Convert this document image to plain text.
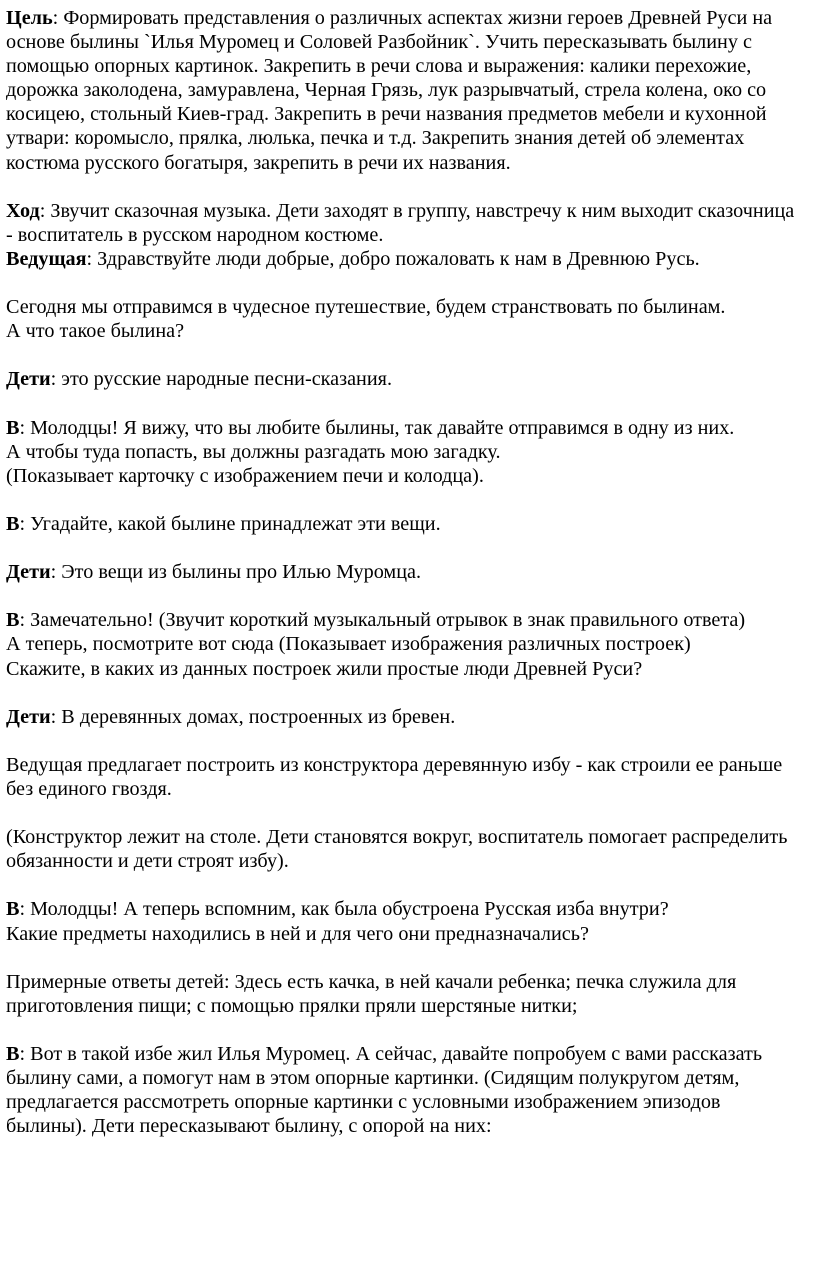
Цель: Формировать представления о различных аспектах жизни героев Древней Руси на основе былины `Илья Муромец и Соловей Разбойник`. Учить пересказывать былину с помощью опорных картинок. Закрепить в речи слова и выражения: калики перехожие, дорожка заколодена, замуравлена, Черная Грязь, лук разрывчатый, стрела колена, око со косицею, стольный Киев-град. Закрепить в речи названия предметов мебели и кухонной утвари: коромысло, прялка, люлька, печка и т.д. Закрепить знания детей об элементах костюма русского богатыря, закрепить в речи их названия.

Ход: Звучит сказочная музыка. Дети заходят в группу, навстречу к ним выходит сказочница - воспитатель в русском народном костюме.

Ведущая: Здравствуйте люди добрые, добро пожаловать к нам в Древнюю Русь.

Сегодня мы отправимся в чудесное путешествие, будем странствовать по былинам.

А что такое былина?

Дети: это русские народные песни-сказания.

В: Молодцы! Я вижу, что вы любите былины, так давайте отправимся в одну из них.

А чтобы туда попасть, вы должны разгадать мою загадку.

(Показывает карточку с изображением печи и колодца).

В: Угадайте, какой былине принадлежат эти вещи.

Дети: Это вещи из былины про Илью Муромца.

В: Замечательно! (Звучит короткий музыкальный отрывок в знак правильного ответа)

А теперь, посмотрите вот сюда (Показывает изображения различных построек)

Скажите, в каких из данных построек жили простые люди Древней Руси?

Дети: В деревянных домах, построенных из бревен.

Ведущая предлагает построить из конструктора деревянную избу - как строили ее раньше без единого гвоздя.

(Конструктор лежит на столе. Дети становятся вокруг, воспитатель помогает распределить обязанности и дети строят избу).

В: Молодцы! А теперь вспомним, как была обустроена Русская изба внутри?

Какие предметы находились в ней и для чего они предназначались?

Примерные ответы детей: Здесь есть качка, в ней качали ребенка; печка служила для приготовления пищи; с помощью прялки пряли шерстяные нитки;

В: Вот в такой избе жил Илья Муромец. А сейчас, давайте попробуем с вами рассказать былину сами, а помогут нам в этом опорные картинки. (Сидящим полукругом детям, предлагается рассмотреть опорные картинки с условными изображением эпизодов былины). Дети пересказывают былину, с опорой на них:
